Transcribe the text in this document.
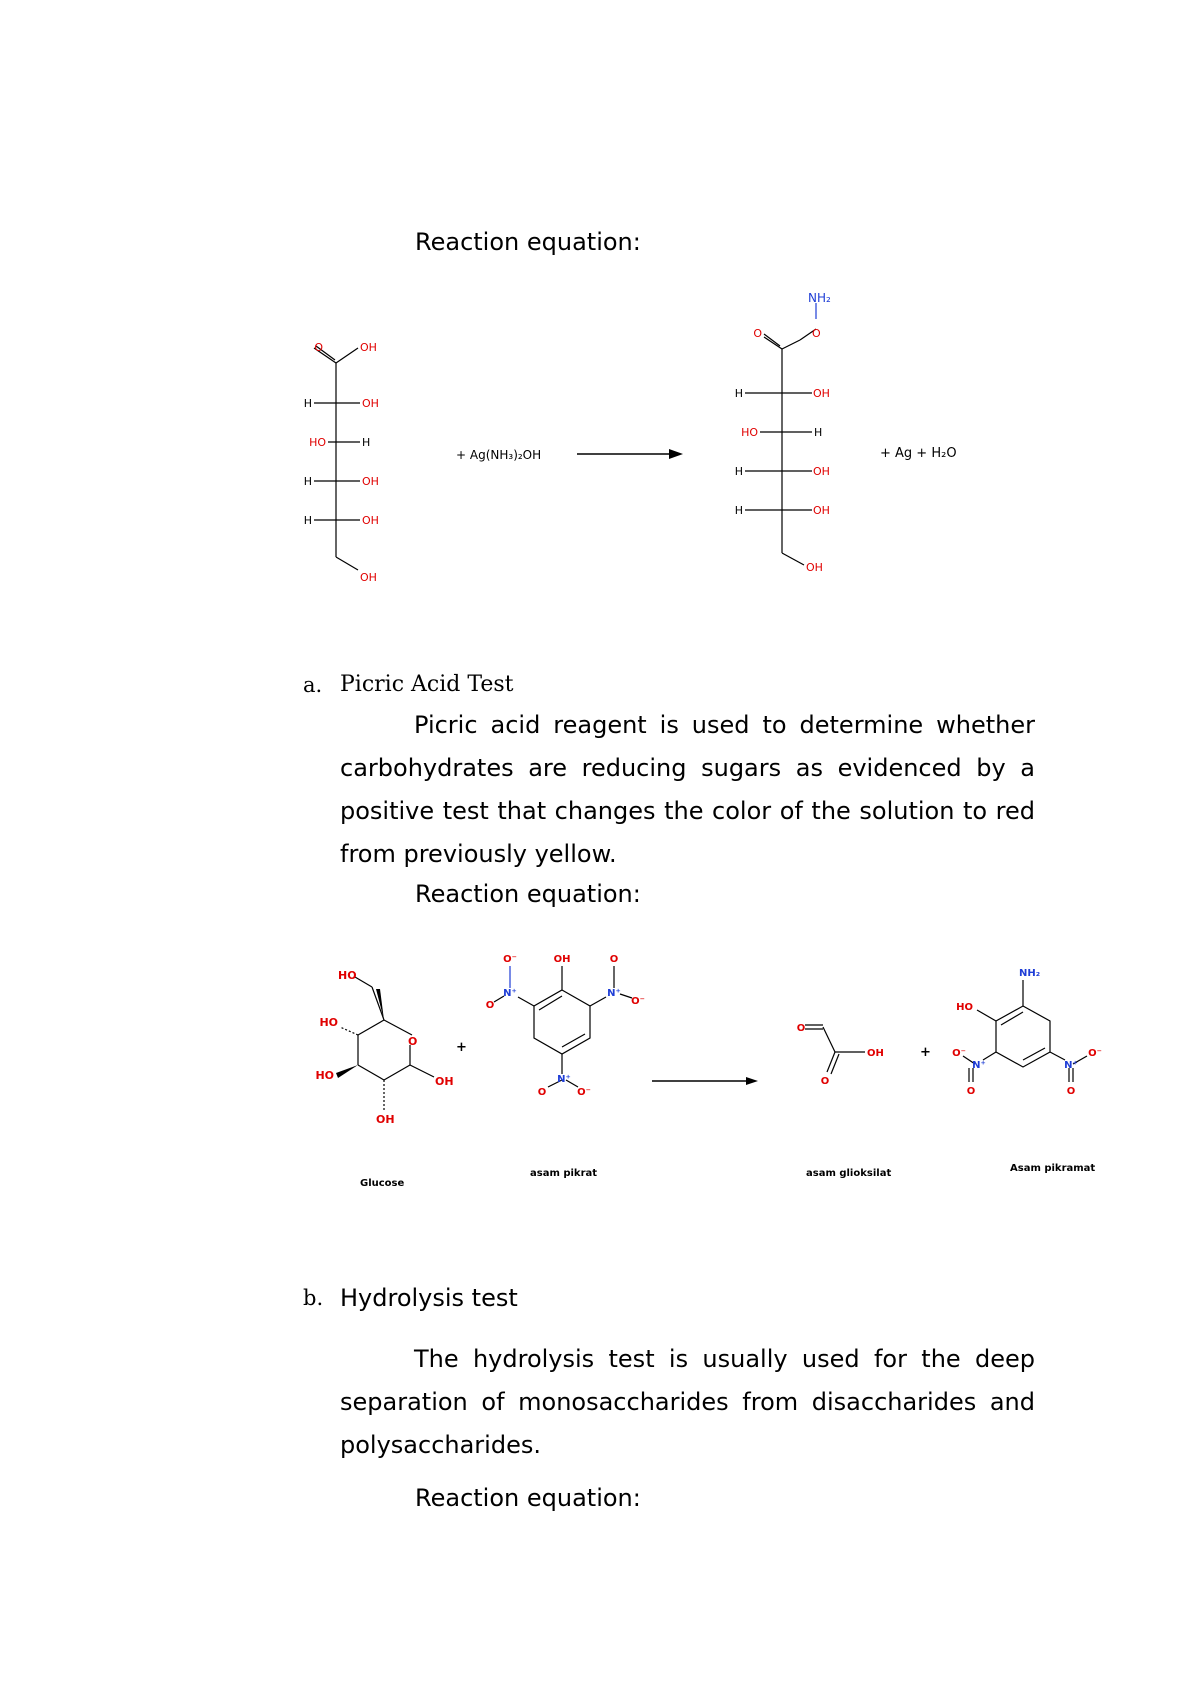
Reaction equation:
O	OH
H	OH
HO	H
H	OH
H	OH
OH
+ Ag(NH₃)₂OH
NH₂
O
O
H	OH
HO	H
H	OH
H	OH
OH
+ Ag + H₂O
a. Picric Acid Test
Picric acid reagent is used to determine whether carbohydrates are reducing sugars as evidenced by a positive test that changes the color of the solution to red from previously yellow.
Reaction equation:
HO
HO
O
HO	OH
OH
Glucose
+
OH
N⁺
O⁻
O
N⁺
O
O⁻
N⁺
O	O⁻
asam pikrat
O
OH
O
asam glioksilat
+
NH₂
HO
N⁺
O⁻
O
N⁺
O⁻
O
Asam pikramat
b. Hydrolysis test
The hydrolysis test is usually used for the deep separation of monosaccharides from disaccharides and polysaccharides.
Reaction equation:
